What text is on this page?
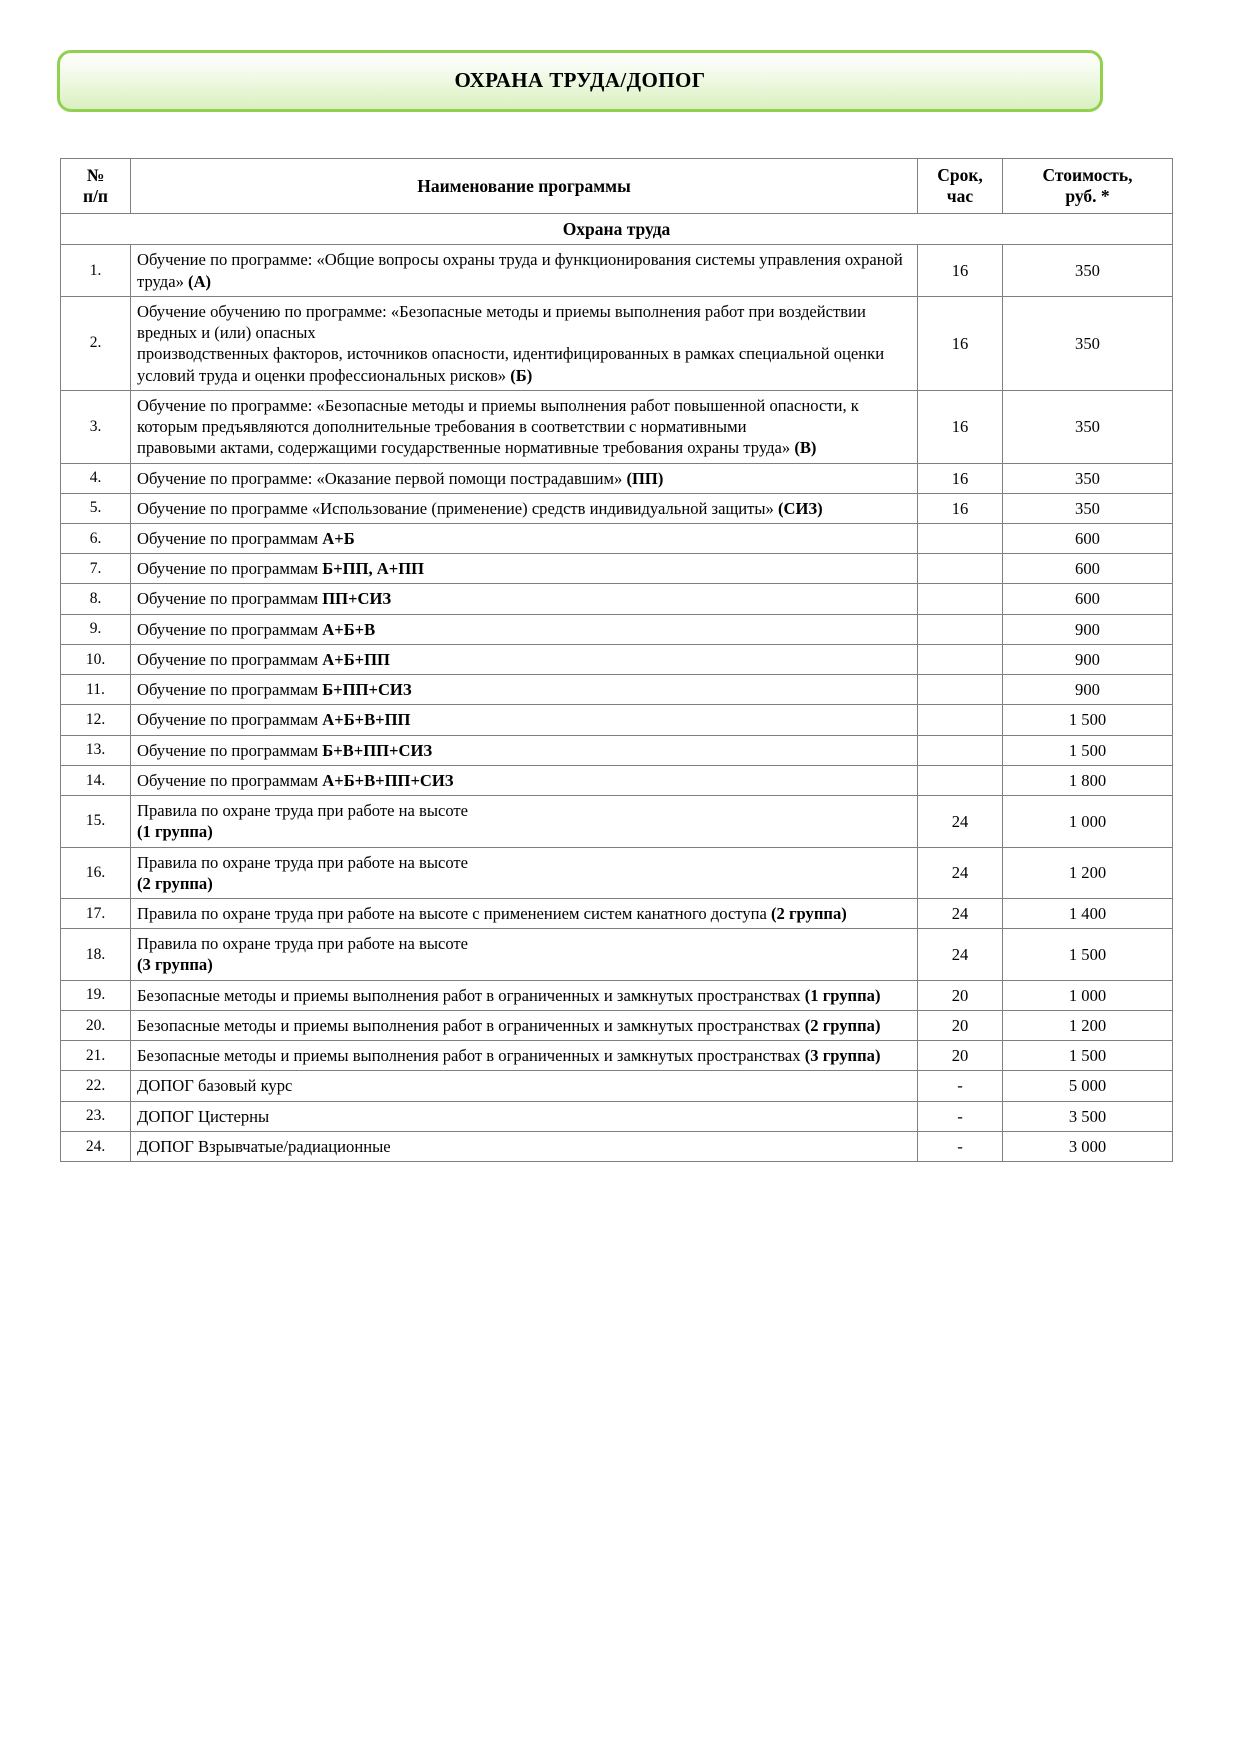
ОХРАНА ТРУДА/ДОПОГ
№
п/п	Наименование программы	Срок,
час	Стоимость,
руб. *
Охрана труда			
1.	Обучение по программе: «Общие вопросы охраны труда и функционирования системы управления охраной труда» (А)	16	350
2.	Обучение обучению по программе: «Безопасные методы и приемы выполнения работ при воздействии вредных и (или) опасных
производственных факторов, источников опасности, идентифицированных в рамках специальной оценки условий труда и оценки профессиональных рисков» (Б)	16	350
3.	Обучение по программе: «Безопасные методы и приемы выполнения работ повышенной опасности, к которым предъявляются дополнительные требования в соответствии с нормативными
правовыми актами, содержащими государственные нормативные требования охраны труда» (В)	16	350
4.	Обучение по программе: «Оказание первой помощи пострадавшим» (ПП)	16	350
5.	Обучение по программе «Использование (применение) средств индивидуальной защиты» (СИЗ)	16	350
6.	Обучение по программам А+Б		600
7.	Обучение по программам Б+ПП, А+ПП		600
8.	Обучение по программам ПП+СИЗ		600
9.	Обучение по программам А+Б+В		900
10.	Обучение по программам А+Б+ПП		900
11.	Обучение по программам Б+ПП+СИЗ		900
12.	Обучение по программам А+Б+В+ПП		1 500
13.	Обучение по программам Б+В+ПП+СИЗ		1 500
14.	Обучение по программам А+Б+В+ПП+СИЗ		1 800
15.	Правила по охране труда при работе на высоте
(1 группа)	24	1 000
16.	Правила по охране труда при работе на высоте
(2 группа)	24	1 200
17.	Правила по охране труда при работе на высоте с применением систем канатного доступа (2 группа)	24	1 400
18.	Правила по охране труда при работе на высоте
(3 группа)	24	1 500
19.	Безопасные методы и приемы выполнения работ в ограниченных и замкнутых пространствах (1 группа)	20	1 000
20.	Безопасные методы и приемы выполнения работ в ограниченных и замкнутых пространствах (2 группа)	20	1 200
21.	Безопасные методы и приемы выполнения работ в ограниченных и замкнутых пространствах (3 группа)	20	1 500
22.	ДОПОГ базовый курс	-	5 000
23.	ДОПОГ Цистерны	-	3 500
24.	ДОПОГ Взрывчатые/радиационные	-	3 000
